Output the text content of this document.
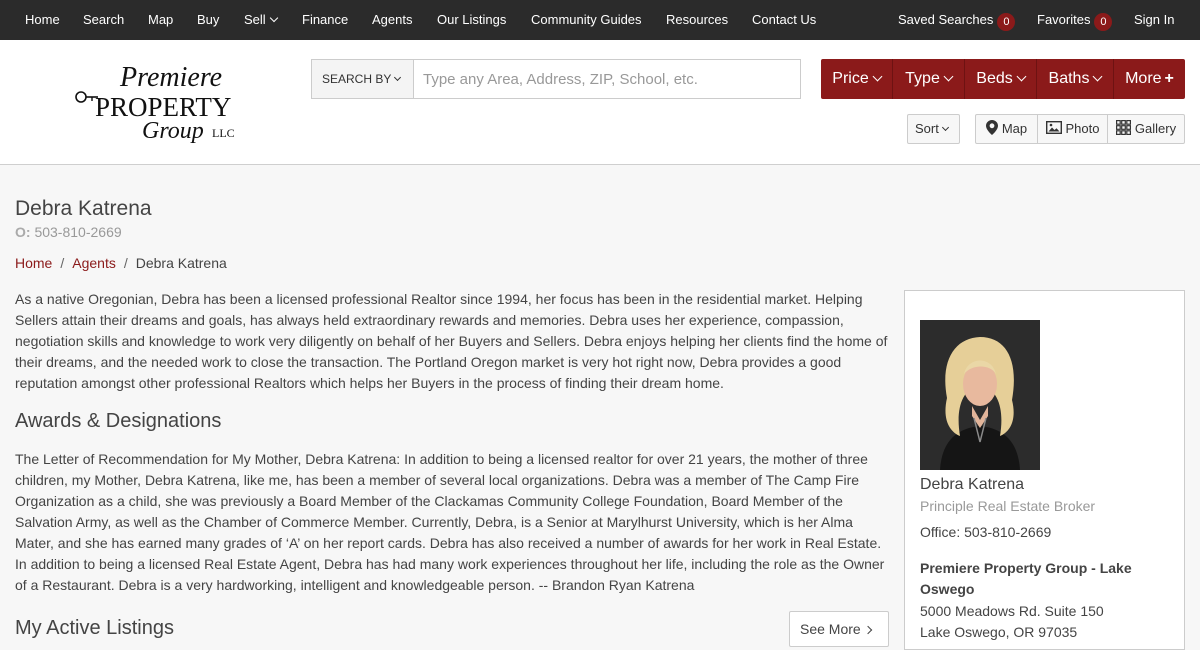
Home Search Map Buy Sell	Finance Agents Our Listings Community Guides Resources Contact Us	Saved Searches 0	Favorites 0	Sign In
Premiere
PROPERTY
Group LLC
SEARCH BY
Type any Area, Address, ZIP, School, etc.	Price	Type	Beds	Baths	More +
Sort	Map	Photo	Gallery
Debra Katrena
O: 503-810-2669
Home / Agents / Debra Katrena
As a native Oregonian, Debra has been a licensed professional Realtor since 1994, her focus has been in the residential market. Helping Sellers attain their dreams and goals, has always held extraordinary rewards and memories. Debra uses her experience, compassion, negotiation skills and knowledge to work very diligently on behalf of her Buyers and Sellers. Debra enjoys helping her clients find the home of their dreams, and the needed work to close the transaction. The Portland Oregon market is very hot right now, Debra provides a good reputation amongst other professional Realtors which helps her Buyers in the process of finding their dream home.
Awards & Designations
The Letter of Recommendation for My Mother, Debra Katrena: In addition to being a licensed realtor for over 21 years, the mother of three children, my Mother, Debra Katrena, like me, has been a member of several local organizations. Debra was a member of The Camp Fire Organization as a child, she was previously a Board Member of the Clackamas Community College Foundation, Board Member of the Salvation Army, as well as the Chamber of Commerce Member. Currently, Debra, is a Senior at Marylhurst University, which is her Alma Mater, and she has earned many grades of ‘A’ on her report cards. Debra has also received a number of awards for her work in Real Estate. In addition to being a licensed Real Estate Agent, Debra has had many work experiences throughout her life, including the role as the Owner of a Restaurant. Debra is a very hardworking, intelligent and knowledgeable person. -- Brandon Ryan Katrena
My Active Listings	See More
Debra Katrena
Principle Real Estate Broker
Office: 503-810-2669
Premiere Property Group - Lake Oswego
5000 Meadows Rd. Suite 150
Lake Oswego, OR 97035
